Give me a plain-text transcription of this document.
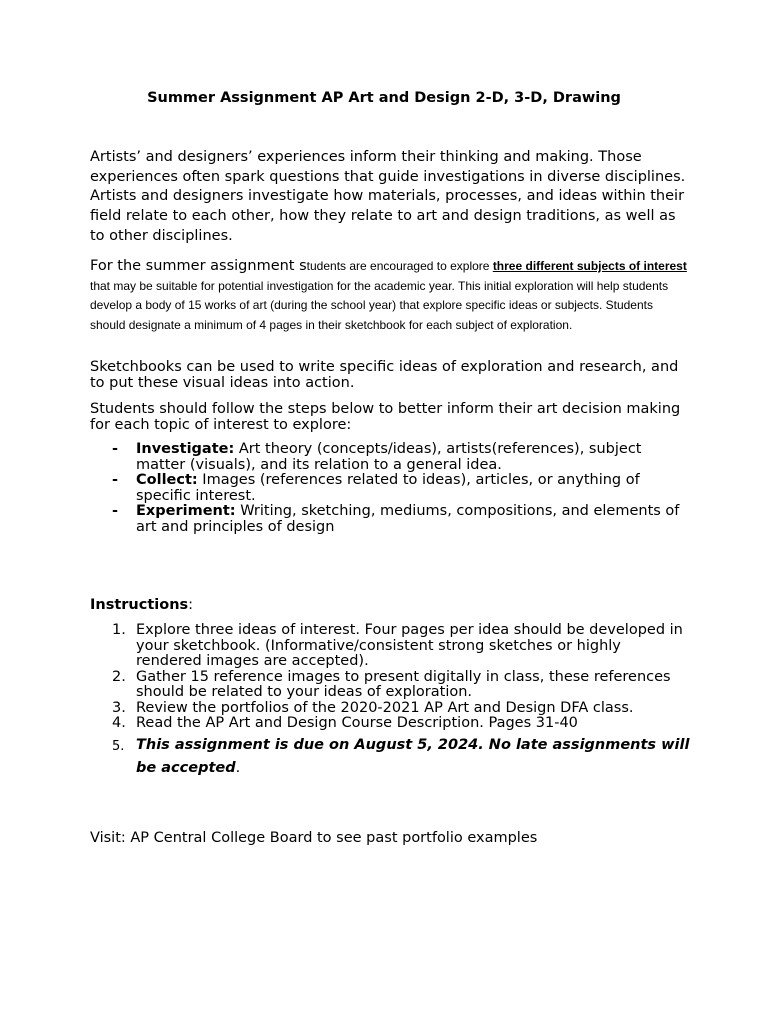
Summer Assignment AP Art and Design 2-D, 3-D, Drawing

Artists’ and designers’ experiences inform their thinking and making. Those experiences often spark questions that guide investigations in diverse disciplines. Artists and designers investigate how materials, processes, and ideas within their field relate to each other, how they relate to art and design traditions, as well as to other disciplines.

For the summer assignment students are encouraged to explore three different subjects of interest that may be suitable for potential investigation for the academic year. This initial exploration will help students develop a body of 15 works of art (during the school year) that explore specific ideas or subjects. Students should designate a minimum of 4 pages in their sketchbook for each subject of exploration.

Sketchbooks can be used to write specific ideas of exploration and research, and to put these visual ideas into action.

Students should follow the steps below to better inform their art decision making for each topic of interest to explore:

- Investigate: Art theory (concepts/ideas), artists(references), subject matter (visuals), and its relation to a general idea.
- Collect: Images (references related to ideas), articles, or anything of specific interest.
- Experiment: Writing, sketching, mediums, compositions, and elements of art and principles of design

Instructions:

1. Explore three ideas of interest. Four pages per idea should be developed in your sketchbook. (Informative/consistent strong sketches or highly rendered images are accepted).
2. Gather 15 reference images to present digitally in class, these references should be related to your ideas of exploration.
3. Review the portfolios of the 2020-2021 AP Art and Design DFA class.
4. Read the AP Art and Design Course Description. Pages 31-40
5. This assignment is due on August 5, 2024. No late assignments will be accepted.

Visit: AP Central College Board to see past portfolio examples
